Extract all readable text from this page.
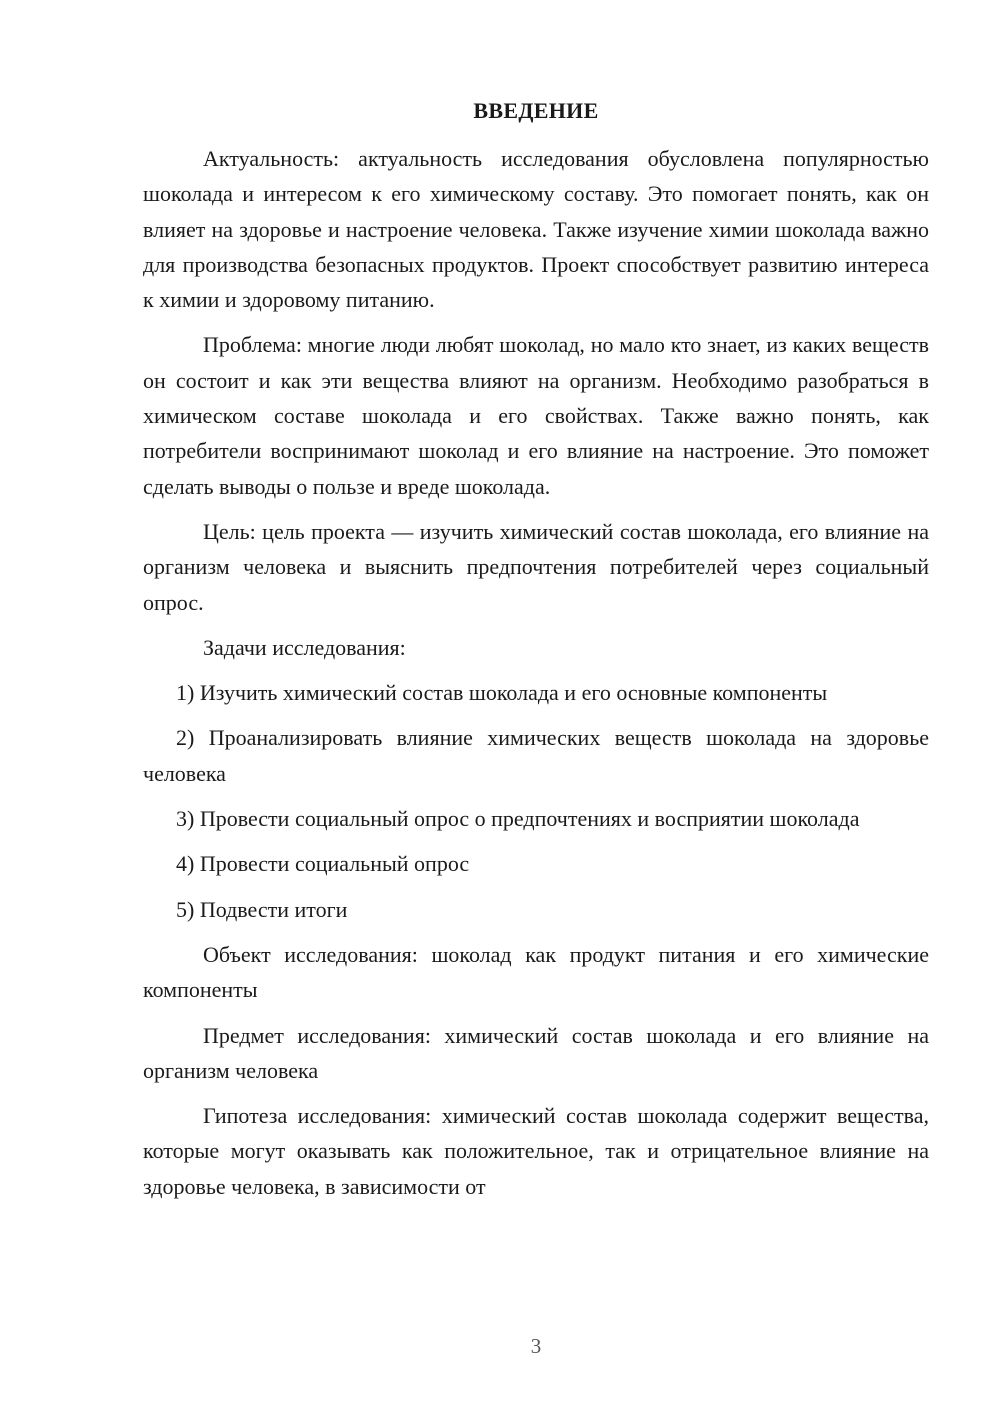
ВВЕДЕНИЕ

Актуальность: актуальность исследования обусловлена популярностью шоколада и интересом к его химическому составу. Это помогает понять, как он влияет на здоровье и настроение человека. Также изучение химии шоколада важно для производства безопасных продуктов. Проект способствует развитию интереса к химии и здоровому питанию.

Проблема: многие люди любят шоколад, но мало кто знает, из каких веществ он состоит и как эти вещества влияют на организм. Необходимо разобраться в химическом составе шоколада и его свойствах. Также важно понять, как потребители воспринимают шоколад и его влияние на настроение. Это поможет сделать выводы о пользе и вреде шоколада.

Цель: цель проекта — изучить химический состав шоколада, его влияние на организм человека и выяснить предпочтения потребителей через социальный опрос.

Задачи исследования:

1) Изучить химический состав шоколада и его основные компоненты

2) Проанализировать влияние химических веществ шоколада на здоровье человека

3) Провести социальный опрос о предпочтениях и восприятии шоколада

4) Провести социальный опрос

5) Подвести итоги

Объект исследования: шоколад как продукт питания и его химические компоненты

Предмет исследования: химический состав шоколада и его влияние на организм человека

Гипотеза исследования: химический состав шоколада содержит вещества, которые могут оказывать как положительное, так и отрицательное влияние на здоровье человека, в зависимости от

3
